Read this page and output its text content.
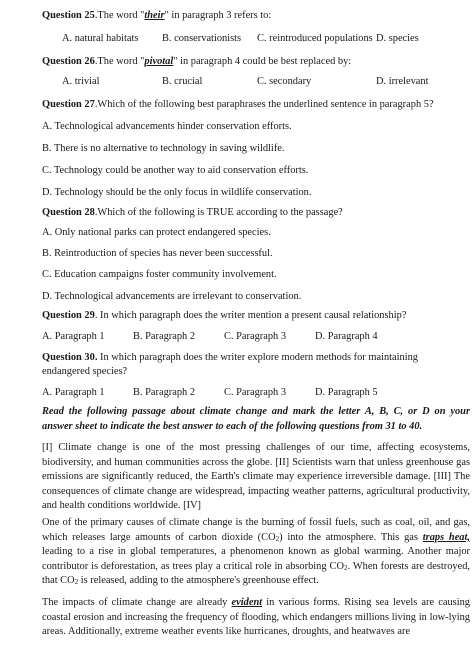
Question 25.The word "their" in paragraph 3 refers to:
A. natural habitats B. conservationists C. reintroduced populations D. species
Question 26.The word "pivotal" in paragraph 4 could be best replaced by:
A. trivial	B. crucial	C. secondary	D. irrelevant
Question 27.Which of the following best paraphrases the underlined sentence in paragraph 5?
A. Technological advancements hinder conservation efforts.
B. There is no alternative to technology in saving wildlife.
C. Technology could be another way to aid conservation efforts.
D. Technology should be the only focus in wildlife conservation.
Question 28.Which of the following is TRUE according to the passage?
A. Only national parks can protect endangered species.
B. Reintroduction of species has never been successful.
C. Education campaigns foster community involvement.
D. Technological advancements are irrelevant to conservation.
Question 29. In which paragraph does the writer mention a present causal relationship?
A. Paragraph 1	B. Paragraph 2	C. Paragraph 3	D. Paragraph 4
Question 30. In which paragraph does the writer explore modern methods for maintaining
endangered species?
A. Paragraph 1	B. Paragraph 2	C. Paragraph 3	D. Paragraph 5
Read the following passage about climate change and mark the letter A, B, C, or D on your
answer sheet to indicate the best answer to each of the following questions from 31 to 40.
[I] Climate change is one of the most pressing challenges of our time, affecting ecosystems, biodiversity, and human communities across the globe. [II] Scientists warn that unless greenhouse gas emissions are significantly reduced, the Earth's climate may experience irreversible damage. [III] The consequences of climate change are widespread, impacting weather patterns, agricultural productivity, and health conditions worldwide. [IV]
One of the primary causes of climate change is the burning of fossil fuels, such as coal, oil, and gas, which releases large amounts of carbon dioxide $(CO_2)$ into the atmosphere. This gas traps heat, leading to a rise in global temperatures, a phenomenon known as global warming. Another major contributor is deforestation, as trees play a critical role in absorbing $CO_2$. When forests are destroyed, that $CO_2$ is released, adding to the atmosphere's greenhouse effect.
The impacts of climate change are already evident in various forms. Rising sea levels are causing coastal erosion and increasing the frequency of flooding, which endangers millions living in low-lying areas. Additionally, extreme weather events like hurricanes, droughts, and heatwaves are
